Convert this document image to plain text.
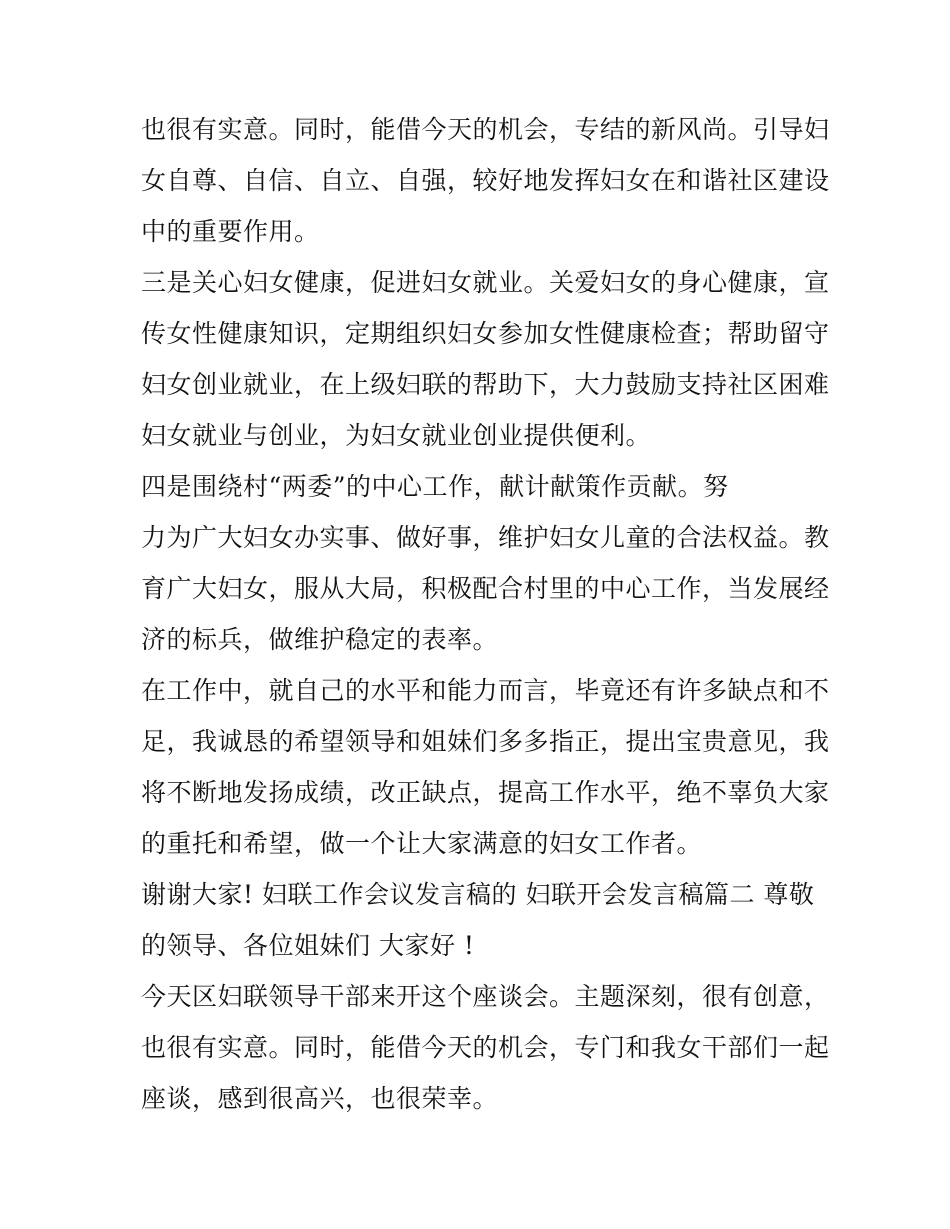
也很有实意。同时，能借今天的机会，专结的新风尚。引导妇
女自尊、自信、自立、自强，较好地发挥妇女在和谐社区建设
中的重要作用。
三是关心妇女健康，促进妇女就业。关爱妇女的身心健康，宣
传女性健康知识，定期组织妇女参加女性健康检查；帮助留守
妇女创业就业，在上级妇联的帮助下，大力鼓励支持社区困难
妇女就业与创业，为妇女就业创业提供便利。
四是围绕村“两委”的中心工作，献计献策作贡献。努
力为广大妇女办实事、做好事，维护妇女儿童的合法权益。教
育广大妇女，服从大局，积极配合村里的中心工作，当发展经
济的标兵，做维护稳定的表率。
在工作中，就自己的水平和能力而言，毕竟还有许多缺点和不
足，我诚恳的希望领导和姐妹们多多指正，提出宝贵意见，我
将不断地发扬成绩，改正缺点，提高工作水平，绝不辜负大家
的重托和希望，做一个让大家满意的妇女工作者。
谢谢大家! 妇联工作会议发言稿的 妇联开会发言稿篇二 尊敬
的领导、各位姐妹们 大家好 !
今天区妇联领导干部来开这个座谈会。主题深刻，很有创意，
也很有实意。同时，能借今天的机会，专门和我女干部们一起
座谈，感到很高兴，也很荣幸。
